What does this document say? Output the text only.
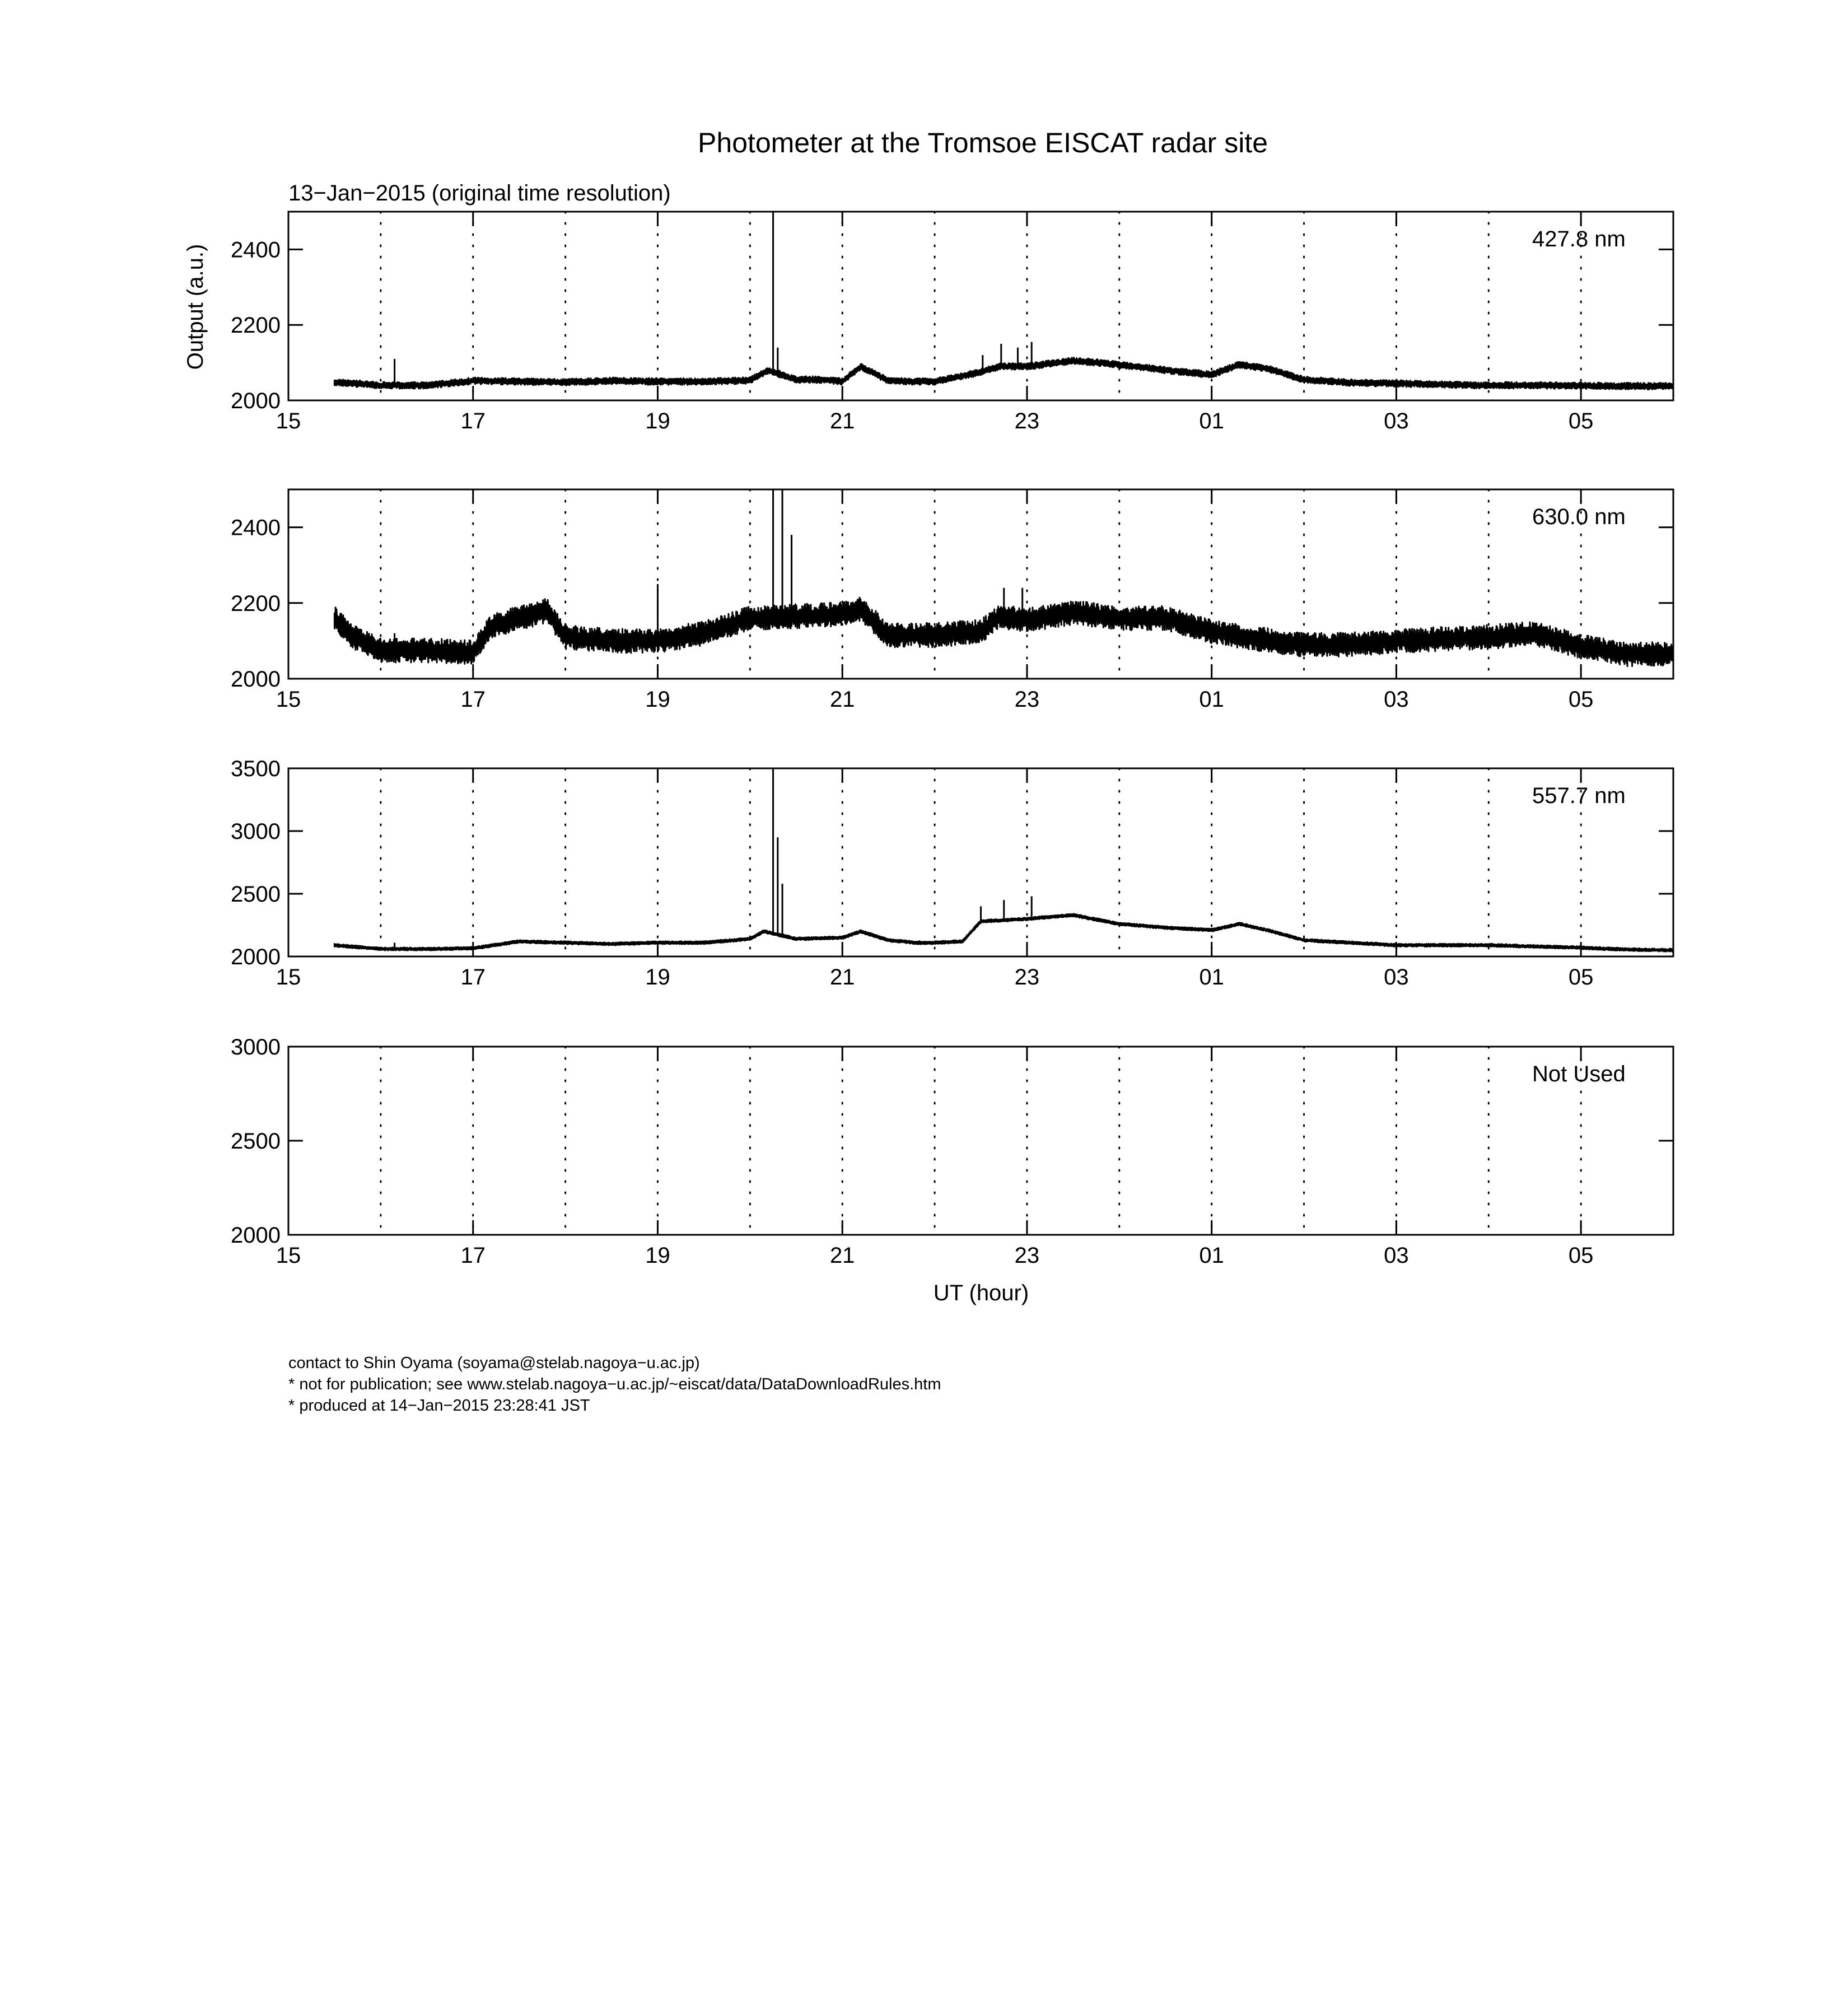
Photometer at the Tromsoe EISCAT radar site
13−Jan−2015 (original time resolution)
Output (a.u.)
UT (hour)
15	17	19	21	23	01	03	05
2000
2200
2400	427.8 nm
15	17	19	21	23	01	03	05
2000
2200
2400	630.0 nm
15	17	19	21	23	01	03	05
2000
2500
3000
3500
557.7 nm
15	17	19	21	23	01	03	05
2000
2500
3000
Not Used
contact to Shin Oyama (soyama@stelab.nagoya−u.ac.jp)
* not for publication; see www.stelab.nagoya−u.ac.jp/~eiscat/data/DataDownloadRules.htm
* produced at 14−Jan−2015 23:28:41 JST
